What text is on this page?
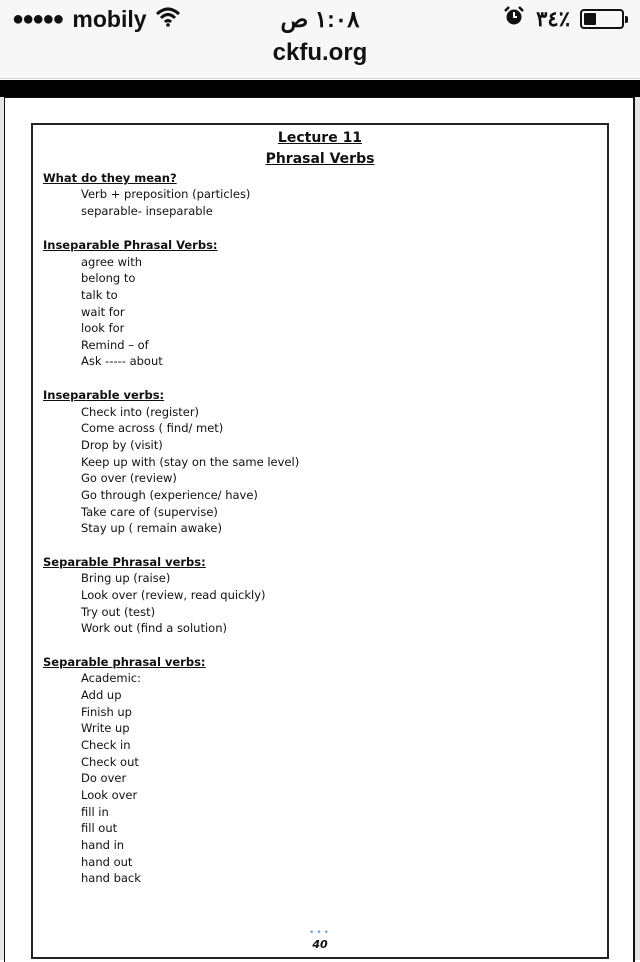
●●●●● mobily	١:٠٨ ص	٣٤٪
ckfu.org
Lecture 11
Phrasal Verbs
What do they mean?
Verb + preposition (particles)
separable- inseparable
Inseparable Phrasal Verbs:
agree with
belong to
talk to
wait for
look for
Remind – of
Ask ----- about
Inseparable verbs:
Check into (register)
Come across ( find/ met)
Drop by (visit)
Keep up with (stay on the same level)
Go over (review)
Go through (experience/ have)
Take care of (supervise)
Stay up ( remain awake)
Separable Phrasal verbs:
Bring up (raise)
Look over (review, read quickly)
Try out (test)
Work out (find a solution)
Separable phrasal verbs:
Academic:
Add up
Finish up
Write up
Check in
Check out
Do over
Look over
fill in
fill out
hand in
hand out
hand back
•••
40
